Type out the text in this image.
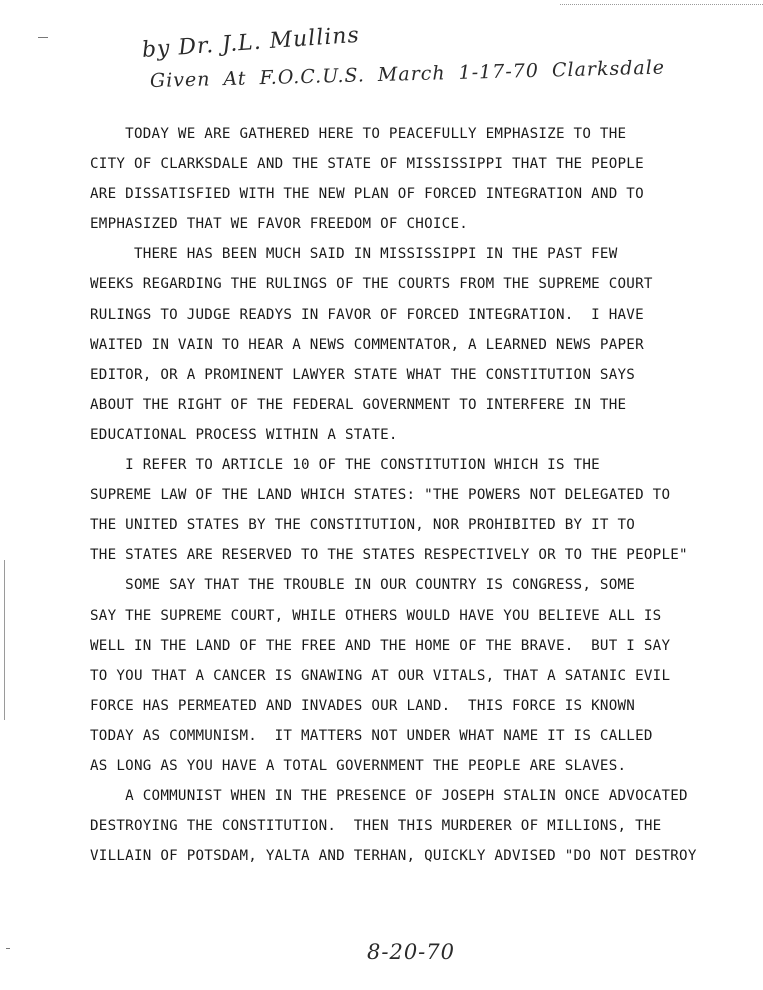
by Dr. J.L. Mullins
Given At F.O.C.U.S. March 1-17-70 Clarksdale
TODAY WE ARE GATHERED HERE TO PEACEFULLY EMPHASIZE TO THE
CITY OF CLARKSDALE AND THE STATE OF MISSISSIPPI THAT THE PEOPLE
ARE DISSATISFIED WITH THE NEW PLAN OF FORCED INTEGRATION AND TO
EMPHASIZED THAT WE FAVOR FREEDOM OF CHOICE.
THERE HAS BEEN MUCH SAID IN MISSISSIPPI IN THE PAST FEW
WEEKS REGARDING THE RULINGS OF THE COURTS FROM THE SUPREME COURT
RULINGS TO JUDGE READYS IN FAVOR OF FORCED INTEGRATION.  I HAVE
WAITED IN VAIN TO HEAR A NEWS COMMENTATOR, A LEARNED NEWS PAPER
EDITOR, OR A PROMINENT LAWYER STATE WHAT THE CONSTITUTION SAYS
ABOUT THE RIGHT OF THE FEDERAL GOVERNMENT TO INTERFERE IN THE
EDUCATIONAL PROCESS WITHIN A STATE.
I REFER TO ARTICLE 10 OF THE CONSTITUTION WHICH IS THE
SUPREME LAW OF THE LAND WHICH STATES: "THE POWERS NOT DELEGATED TO
THE UNITED STATES BY THE CONSTITUTION, NOR PROHIBITED BY IT TO
THE STATES ARE RESERVED TO THE STATES RESPECTIVELY OR TO THE PEOPLE"
SOME SAY THAT THE TROUBLE IN OUR COUNTRY IS CONGRESS, SOME
SAY THE SUPREME COURT, WHILE OTHERS WOULD HAVE YOU BELIEVE ALL IS
WELL IN THE LAND OF THE FREE AND THE HOME OF THE BRAVE.  BUT I SAY
TO YOU THAT A CANCER IS GNAWING AT OUR VITALS, THAT A SATANIC EVIL
FORCE HAS PERMEATED AND INVADES OUR LAND.  THIS FORCE IS KNOWN
TODAY AS COMMUNISM.  IT MATTERS NOT UNDER WHAT NAME IT IS CALLED
AS LONG AS YOU HAVE A TOTAL GOVERNMENT THE PEOPLE ARE SLAVES.
A COMMUNIST WHEN IN THE PRESENCE OF JOSEPH STALIN ONCE ADVOCATED
DESTROYING THE CONSTITUTION.  THEN THIS MURDERER OF MILLIONS, THE
VILLAIN OF POTSDAM, YALTA AND TERHAN, QUICKLY ADVISED "DO NOT DESTROY
8-20-70
